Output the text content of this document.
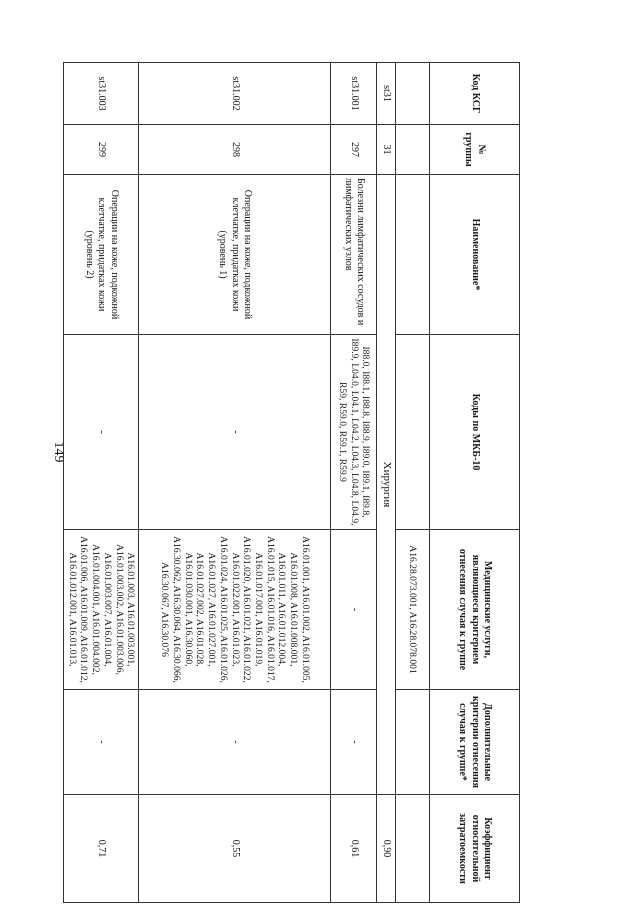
149
Код КСГ	№ группы	Наименование*	Коды по МКБ-10	Медицинские услуги, являющиеся критерием отнесения случая к группе	Дополнительные критерии отнесения случая к группе*	Коэффициент относительной затратоемкости
				A16.28.073.001, A16.28.078.001		
st31	31	Хирургия				0,90
st31.001	297	Болезни лимфатических сосудов и лимфатических узлов	I88.0, I88.1, I88.8, I88.9, I89.0, I89.1, I89.8, I89.9, L04.0, L04.1, L04.2, L04.3, L04.8, L04.9, R59, R59.0, R59.1, R59.9	-	-	0,61
st31.002	298	Операции на коже, подкожной клетчатке, придатках кожи (уровень 1)	-	A16.01.001, A16.01.002, A16.01.005, A16.01.008, A16.01.008.001, A16.01.011, A16.01.012.004, A16.01.015, A16.01.016, A16.01.017, A16.01.017.001, A16.01.019, A16.01.020, A16.01.021, A16.01.022, A16.01.022.001, A16.01.023, A16.01.024, A16.01.025, A16.01.026, A16.01.027, A16.01.027.001, A16.01.027.002, A16.01.028, A16.01.030.001, A16.30.060, A16.30.062, A16.30.064, A16.30.066, A16.30.067, A16.30.076	-	0,55
st31.003	299	Операции на коже, подкожной клетчатке, придатках кожи (уровень 2)	-	A16.01.003, A16.01.003.001, A16.01.003.002, A16.01.003.006, A16.01.003.007, A16.01.004, A16.01.004.001, A16.01.004.002, A16.01.006, A16.01.009, A16.01.012, A16.01.012.001, A16.01.013,	-	0,71
